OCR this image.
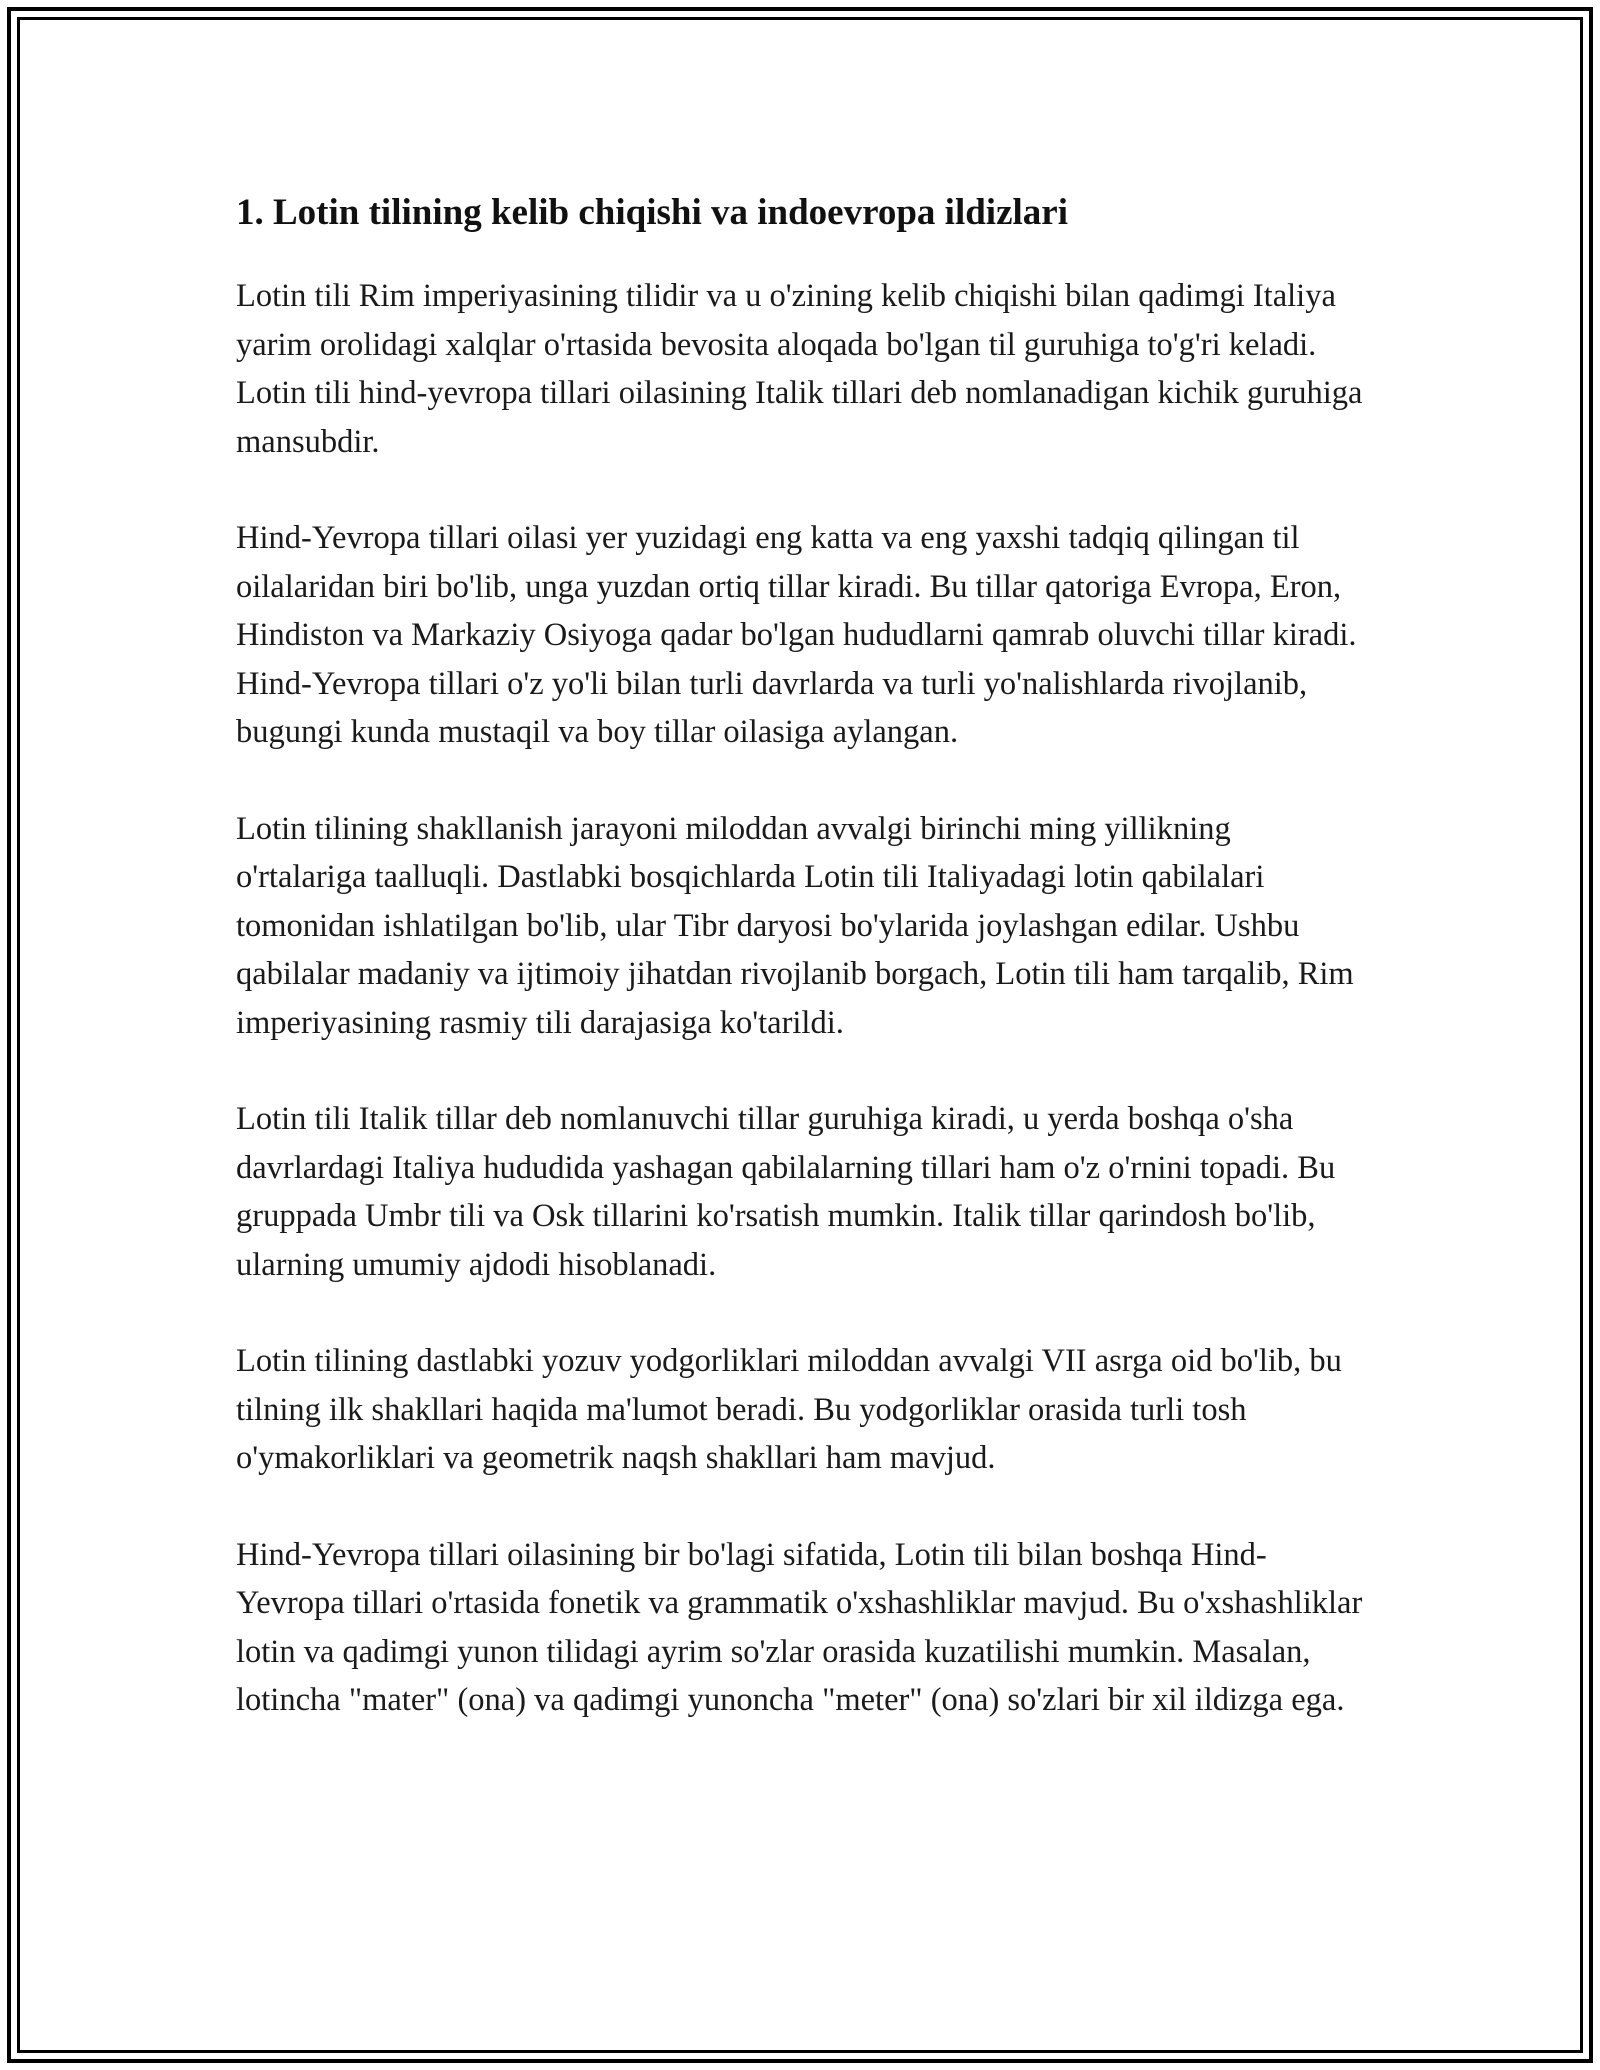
1. Lotin tilining kelib chiqishi va indoevropa ildizlari

Lotin tili Rim imperiyasining tilidir va u o'zining kelib chiqishi bilan qadimgi Italiya yarim orolidagi xalqlar o'rtasida bevosita aloqada bo'lgan til guruhiga to'g'ri keladi. Lotin tili hind-yevropa tillari oilasining Italik tillari deb nomlanadigan kichik guruhiga mansubdir.

Hind-Yevropa tillari oilasi yer yuzidagi eng katta va eng yaxshi tadqiq qilingan til oilalaridan biri bo'lib, unga yuzdan ortiq tillar kiradi. Bu tillar qatoriga Evropa, Eron, Hindiston va Markaziy Osiyoga qadar bo'lgan hududlarni qamrab oluvchi tillar kiradi. Hind-Yevropa tillari o'z yo'li bilan turli davrlarda va turli yo'nalishlarda rivojlanib, bugungi kunda mustaqil va boy tillar oilasiga aylangan.

Lotin tilining shakllanish jarayoni miloddan avvalgi birinchi ming yillikning o'rtalariga taalluqli. Dastlabki bosqichlarda Lotin tili Italiyadagi lotin qabilalari tomonidan ishlatilgan bo'lib, ular Tibr daryosi bo'ylarida joylashgan edilar. Ushbu qabilalar madaniy va ijtimoiy jihatdan rivojlanib borgach, Lotin tili ham tarqalib, Rim imperiyasining rasmiy tili darajasiga ko'tarildi.

Lotin tili Italik tillar deb nomlanuvchi tillar guruhiga kiradi, u yerda boshqa o'sha davrlardagi Italiya hududida yashagan qabilalarning tillari ham o'z o'rnini topadi. Bu gruppada Umbr tili va Osk tillarini ko'rsatish mumkin. Italik tillar qarindosh bo'lib, ularning umumiy ajdodi hisoblanadi.

Lotin tilining dastlabki yozuv yodgorliklari miloddan avvalgi VII asrga oid bo'lib, bu tilning ilk shakllari haqida ma'lumot beradi. Bu yodgorliklar orasida turli tosh o'ymakorliklari va geometrik naqsh shakllari ham mavjud.

Hind-Yevropa tillari oilasining bir bo'lagi sifatida, Lotin tili bilan boshqa Hind-Yevropa tillari o'rtasida fonetik va grammatik o'xshashliklar mavjud. Bu o'xshashliklar lotin va qadimgi yunon tilidagi ayrim so'zlar orasida kuzatilishi mumkin. Masalan, lotincha "mater" (ona) va qadimgi yunoncha "meter" (ona) so'zlari bir xil ildizga ega.
